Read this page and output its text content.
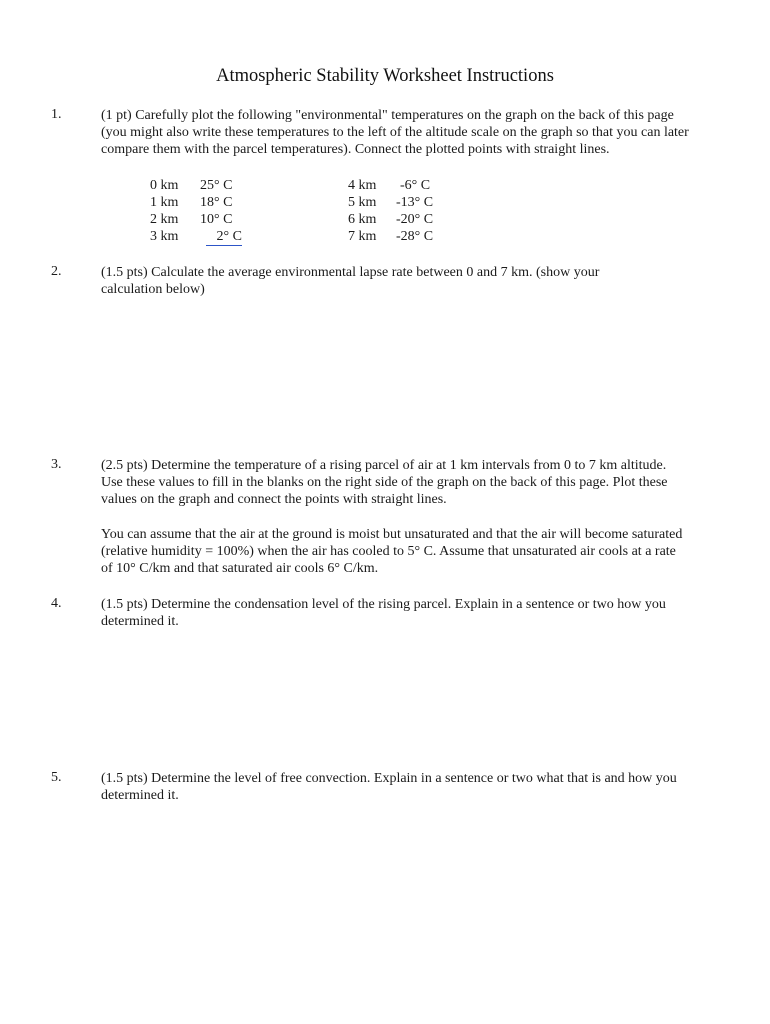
Atmospheric Stability Worksheet Instructions
1.	(1 pt) Carefully plot the following "environmental" temperatures on the graph on the back of this page (you might also write these temperatures to the left of the altitude scale on the graph so that you can later compare them with the parcel temperatures). Connect the plotted points with straight lines.
0 km 25° C
1 km 18° C
2 km 10° C
3 km	2° C
4 km -6° C
5 km -13° C
6 km -20° C
7 km -28° C
2.	(1.5 pts) Calculate the average environmental lapse rate between 0 and 7 km. (show your calculation below)
3.	(2.5 pts) Determine the temperature of a rising parcel of air at 1 km intervals from 0 to 7 km altitude. Use these values to fill in the blanks on the right side of the graph on the back of this page. Plot these values on the graph and connect the points with straight lines.
You can assume that the air at the ground is moist but unsaturated and that the air will become saturated (relative humidity = 100%) when the air has cooled to 5° C. Assume that unsaturated air cools at a rate of 10° C/km and that saturated air cools 6° C/km.
4.	(1.5 pts) Determine the condensation level of the rising parcel. Explain in a sentence or two how you determined it.
5.	(1.5 pts) Determine the level of free convection. Explain in a sentence or two what that is and how you determined it.
